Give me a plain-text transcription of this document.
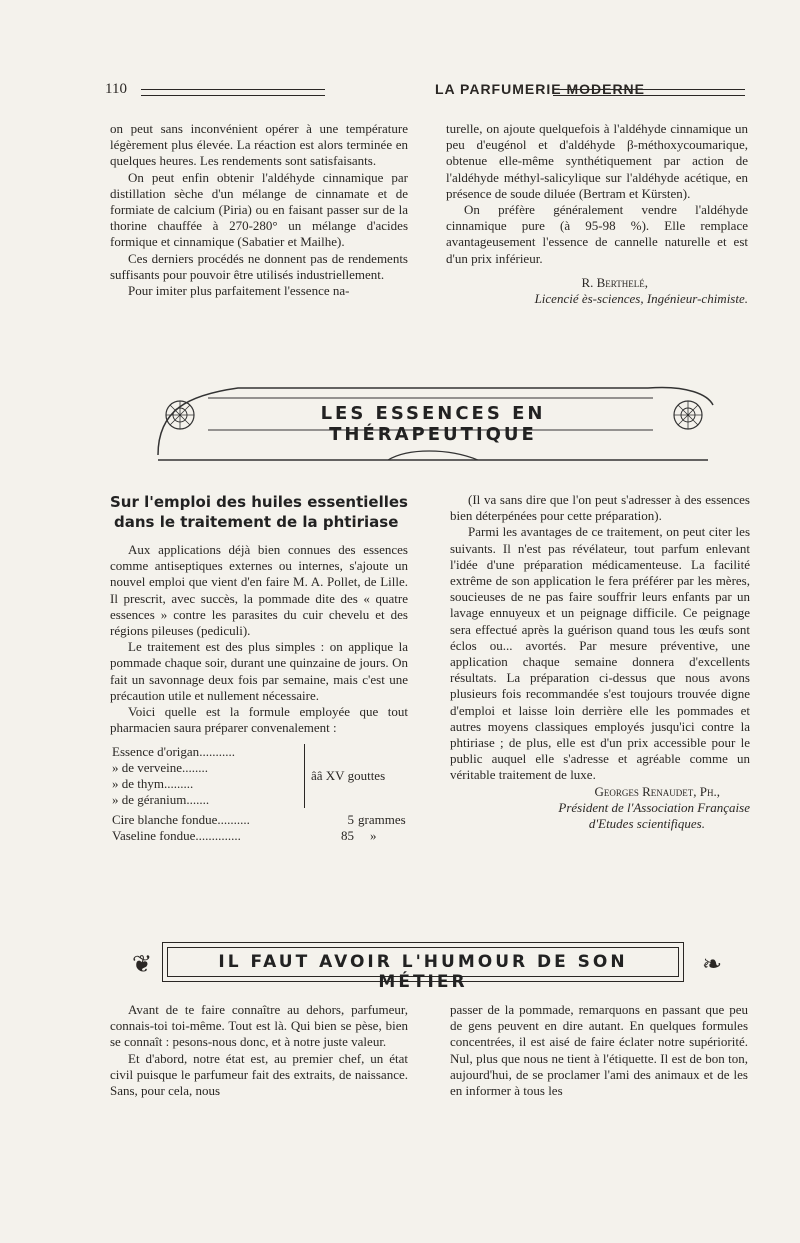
110	LA PARFUMERIE MODERNE

on peut sans inconvénient opérer à une température légèrement plus élevée. La réaction est alors terminée en quelques heures. Les rendements sont satisfaisants.

On peut enfin obtenir l'aldéhyde cinnamique par distillation sèche d'un mélange de cinnamate et de formiate de calcium (Piria) ou en faisant passer sur de la thorine chauffée à 270-280° un mélange d'acides formique et cinnamique (Sabatier et Mailhe).

Ces derniers procédés ne donnent pas de rendements suffisants pour pouvoir être utilisés industriellement.

Pour imiter plus parfaitement l'essence na-

turelle, on ajoute quelquefois à l'aldéhyde cinnamique un peu d'eugénol et d'aldéhyde β-méthoxycoumarique, obtenue elle-même synthétiquement par action de l'aldéhyde méthyl-salicylique sur l'aldéhyde acétique, en présence de soude diluée (Bertram et Kürsten).

On préfère généralement vendre l'aldéhyde cinnamique pure (à 95-98 %). Elle remplace avantageusement l'essence de cannelle naturelle et est d'un prix inférieur.

R. Berthelé,
Licencié ès-sciences, Ingénieur-chimiste.
LES ESSENCES EN THÉRAPEUTIQUE
Sur l'emploi des huiles essentielles
dans le traitement de la phtiriase

Aux applications déjà bien connues des essences comme antiseptiques externes ou internes, s'ajoute un nouvel emploi que vient d'en faire M. A. Pollet, de Lille. Il prescrit, avec succès, la pommade dite des « quatre essences » contre les parasites du cuir chevelu et des régions pileuses (pediculi).

Le traitement est des plus simples : on applique la pommade chaque soir, durant une quinzaine de jours. On fait un savonnage deux fois par semaine, mais c'est une précaution utile et nullement nécessaire.

Voici quelle est la formule employée que tout pharmacien saura préparer convenalement :

Essence d'origan...........	ââ XV gouttes
» de verveine........
» de thym.........
» de géranium.......
Cire blanche fondue..........	5	grammes
Vaseline fondue..............	85	»

(Il va sans dire que l'on peut s'adresser à des essences bien déterpénées pour cette préparation).

Parmi les avantages de ce traitement, on peut citer les suivants. Il n'est pas révélateur, tout parfum enlevant l'idée d'une préparation médicamenteuse. La facilité extrême de son application le fera préférer par les mères, soucieuses de ne pas faire souffrir leurs enfants par un lavage ennuyeux et un peignage difficile. Ce peignage sera effectué après la guérison quand tous les œufs sont éclos ou... avortés. Par mesure préventive, une application chaque semaine donnera d'excellents résultats. La préparation ci-dessus que nous avons plusieurs fois recommandée s'est toujours trouvée digne d'emploi et laisse loin derrière elle les pommades et autres moyens classiques employés jusqu'ici contre la phtiriase ; de plus, elle est d'un prix accessible pour le public auquel elle s'adresse et agréable comme un véritable traitement de luxe.

Georges Renaudet, Ph.,
Président de l'Association Française
d'Etudes scientifiques.
❦	IL FAUT AVOIR L'HUMOUR DE SON MÉTIER
❧

Avant de te faire connaître au dehors, parfumeur, connais-toi toi-même. Tout est là. Qui bien se pèse, bien se connaît : pesons-nous donc, et à notre juste valeur.

Et d'abord, notre état est, au premier chef, un état civil puisque le parfumeur fait des extraits, de naissance. Sans, pour cela, nous

passer de la pommade, remarquons en passant que peu de gens peuvent en dire autant. En quelques formules concentrées, il est aisé de faire éclater notre supériorité. Nul, plus que nous ne tient à l'étiquette. Il est de bon ton, aujourd'hui, de se proclamer l'ami des animaux et de les en informer à tous les
